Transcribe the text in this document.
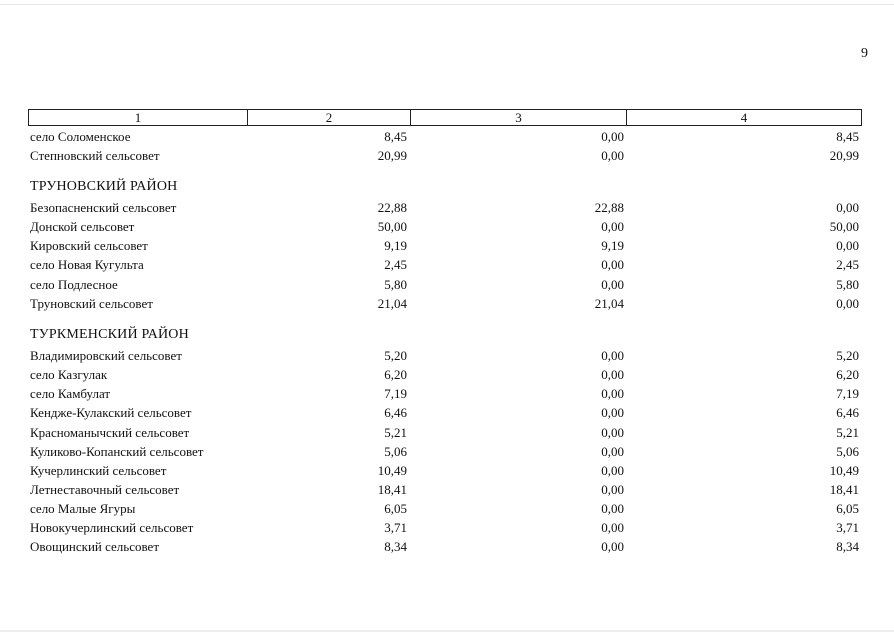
9
1	2	3	4
село Соломенское	8,45	0,00	8,45
Степновский сельсовет	20,99	0,00	20,99
ТРУНОВСКИЙ РАЙОН
Безопасненский сельсовет	22,88	22,88	0,00
Донской сельсовет	50,00	0,00	50,00
Кировский сельсовет	9,19	9,19	0,00
село Новая Кугульта	2,45	0,00	2,45
село Подлесное	5,80	0,00	5,80
Труновский сельсовет	21,04	21,04	0,00
ТУРКМЕНСКИЙ РАЙОН
Владимировский сельсовет	5,20	0,00	5,20
село Казгулак	6,20	0,00	6,20
село Камбулат	7,19	0,00	7,19
Кендже-Кулакский сельсовет	6,46	0,00	6,46
Красноманычский сельсовет	5,21	0,00	5,21
Куликово-Копанский сельсовет	5,06	0,00	5,06
Кучерлинский сельсовет	10,49	0,00	10,49
Летнеставочный сельсовет	18,41	0,00	18,41
село Малые Ягуры	6,05	0,00	6,05
Новокучерлинский сельсовет	3,71	0,00	3,71
Овощинский сельсовет	8,34	0,00	8,34
